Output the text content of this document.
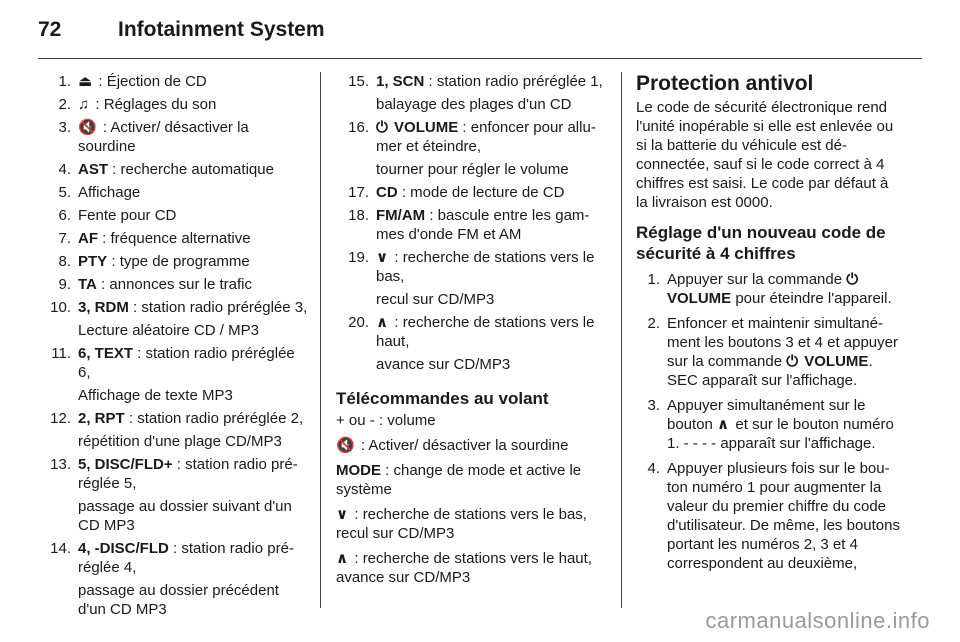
72	Infotainment System
1. ⏏ : Éjection de CD
2. ♫ : Réglages du son
3. 🔇 : Activer/ désactiver la sourdine
4. AST : recherche automatique
5. Affichage
6. Fente pour CD
7. AF : fréquence alternative
8. PTY : type de programme
9. TA : annonces sur le trafic
10. 3, RDM : station radio préréglée 3,
Lecture aléatoire CD / MP3
11. 6, TEXT : station radio préréglée 6,
Affichage de texte MP3
12. 2, RPT : station radio préréglée 2,
répétition d'une plage CD/MP3
13. 5, DISC/FLD+ : station radio préréglée 5,
passage au dossier suivant d'un CD MP3
14. 4, -DISC/FLD : station radio préréglée 4,
passage au dossier précédent d'un CD MP3
15. 1, SCN : station radio préréglée 1,
balayage des plages d'un CD
16. ⏻ VOLUME : enfoncer pour allumer et éteindre,
tourner pour régler le volume
17. CD : mode de lecture de CD
18. FM/AM : bascule entre les gammes d'onde FM et AM
19. ∨ : recherche de stations vers le bas,
recul sur CD/MP3
20. ∧ : recherche de stations vers le haut,
avance sur CD/MP3
Télécommandes au volant
+ ou - : volume
🔇 : Activer/ désactiver la sourdine
MODE : change de mode et active le système
∨ : recherche de stations vers le bas, recul sur CD/MP3
∧ : recherche de stations vers le haut, avance sur CD/MP3
Protection antivol
Le code de sécurité électronique rend l'unité inopérable si elle est enlevée ou si la batterie du véhicule est déconnectée, sauf si le code correct à 4 chiffres est saisi. Le code par défaut à la livraison est 0000.
Réglage d'un nouveau code de sécurité à 4 chiffres
1. Appuyer sur la commande ⏻ VOLUME pour éteindre l'appareil.
2. Enfoncer et maintenir simultanément les boutons 3 et 4 et appuyer sur la commande ⏻ VOLUME. SEC apparaît sur l'affichage.
3. Appuyer simultanément sur le bouton ∧ et sur le bouton numéro 1. - - - - apparaît sur l'affichage.
4. Appuyer plusieurs fois sur le bouton numéro 1 pour augmenter la valeur du premier chiffre du code d'utilisateur. De même, les boutons portant les numéros 2, 3 et 4 correspondent au deuxième,
carmanualsonline.info
